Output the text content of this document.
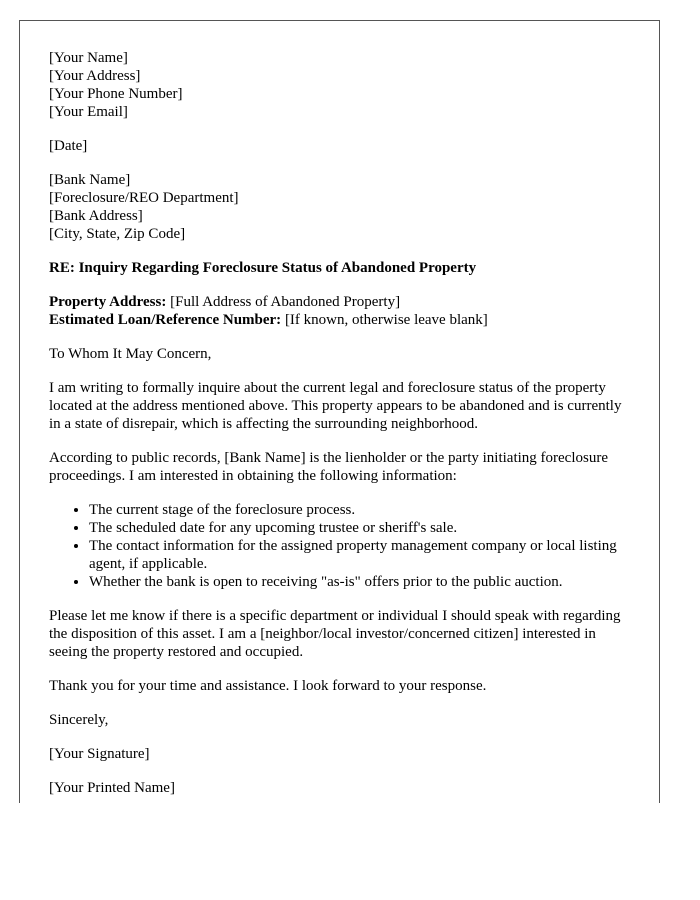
[Your Name]
[Your Address]
[Your Phone Number]
[Your Email]
[Date]
[Bank Name]
[Foreclosure/REO Department]
[Bank Address]
[City, State, Zip Code]
RE: Inquiry Regarding Foreclosure Status of Abandoned Property
Property Address: [Full Address of Abandoned Property]
Estimated Loan/Reference Number: [If known, otherwise leave blank]

To Whom It May Concern,

I am writing to formally inquire about the current legal and foreclosure status of the property located at the address mentioned above. This property appears to be abandoned and is currently in a state of disrepair, which is affecting the surrounding neighborhood.

According to public records, [Bank Name] is the lienholder or the party initiating foreclosure proceedings. I am interested in obtaining the following information:

• The current stage of the foreclosure process.
• The scheduled date for any upcoming trustee or sheriff's sale.
• The contact information for the assigned property management company or local listing agent, if applicable.
• Whether the bank is open to receiving "as-is" offers prior to the public auction.

Please let me know if there is a specific department or individual I should speak with regarding the disposition of this asset. I am a [neighbor/local investor/concerned citizen] interested in seeing the property restored and occupied.

Thank you for your time and assistance. I look forward to your response.

Sincerely,

[Your Signature]

[Your Printed Name]
